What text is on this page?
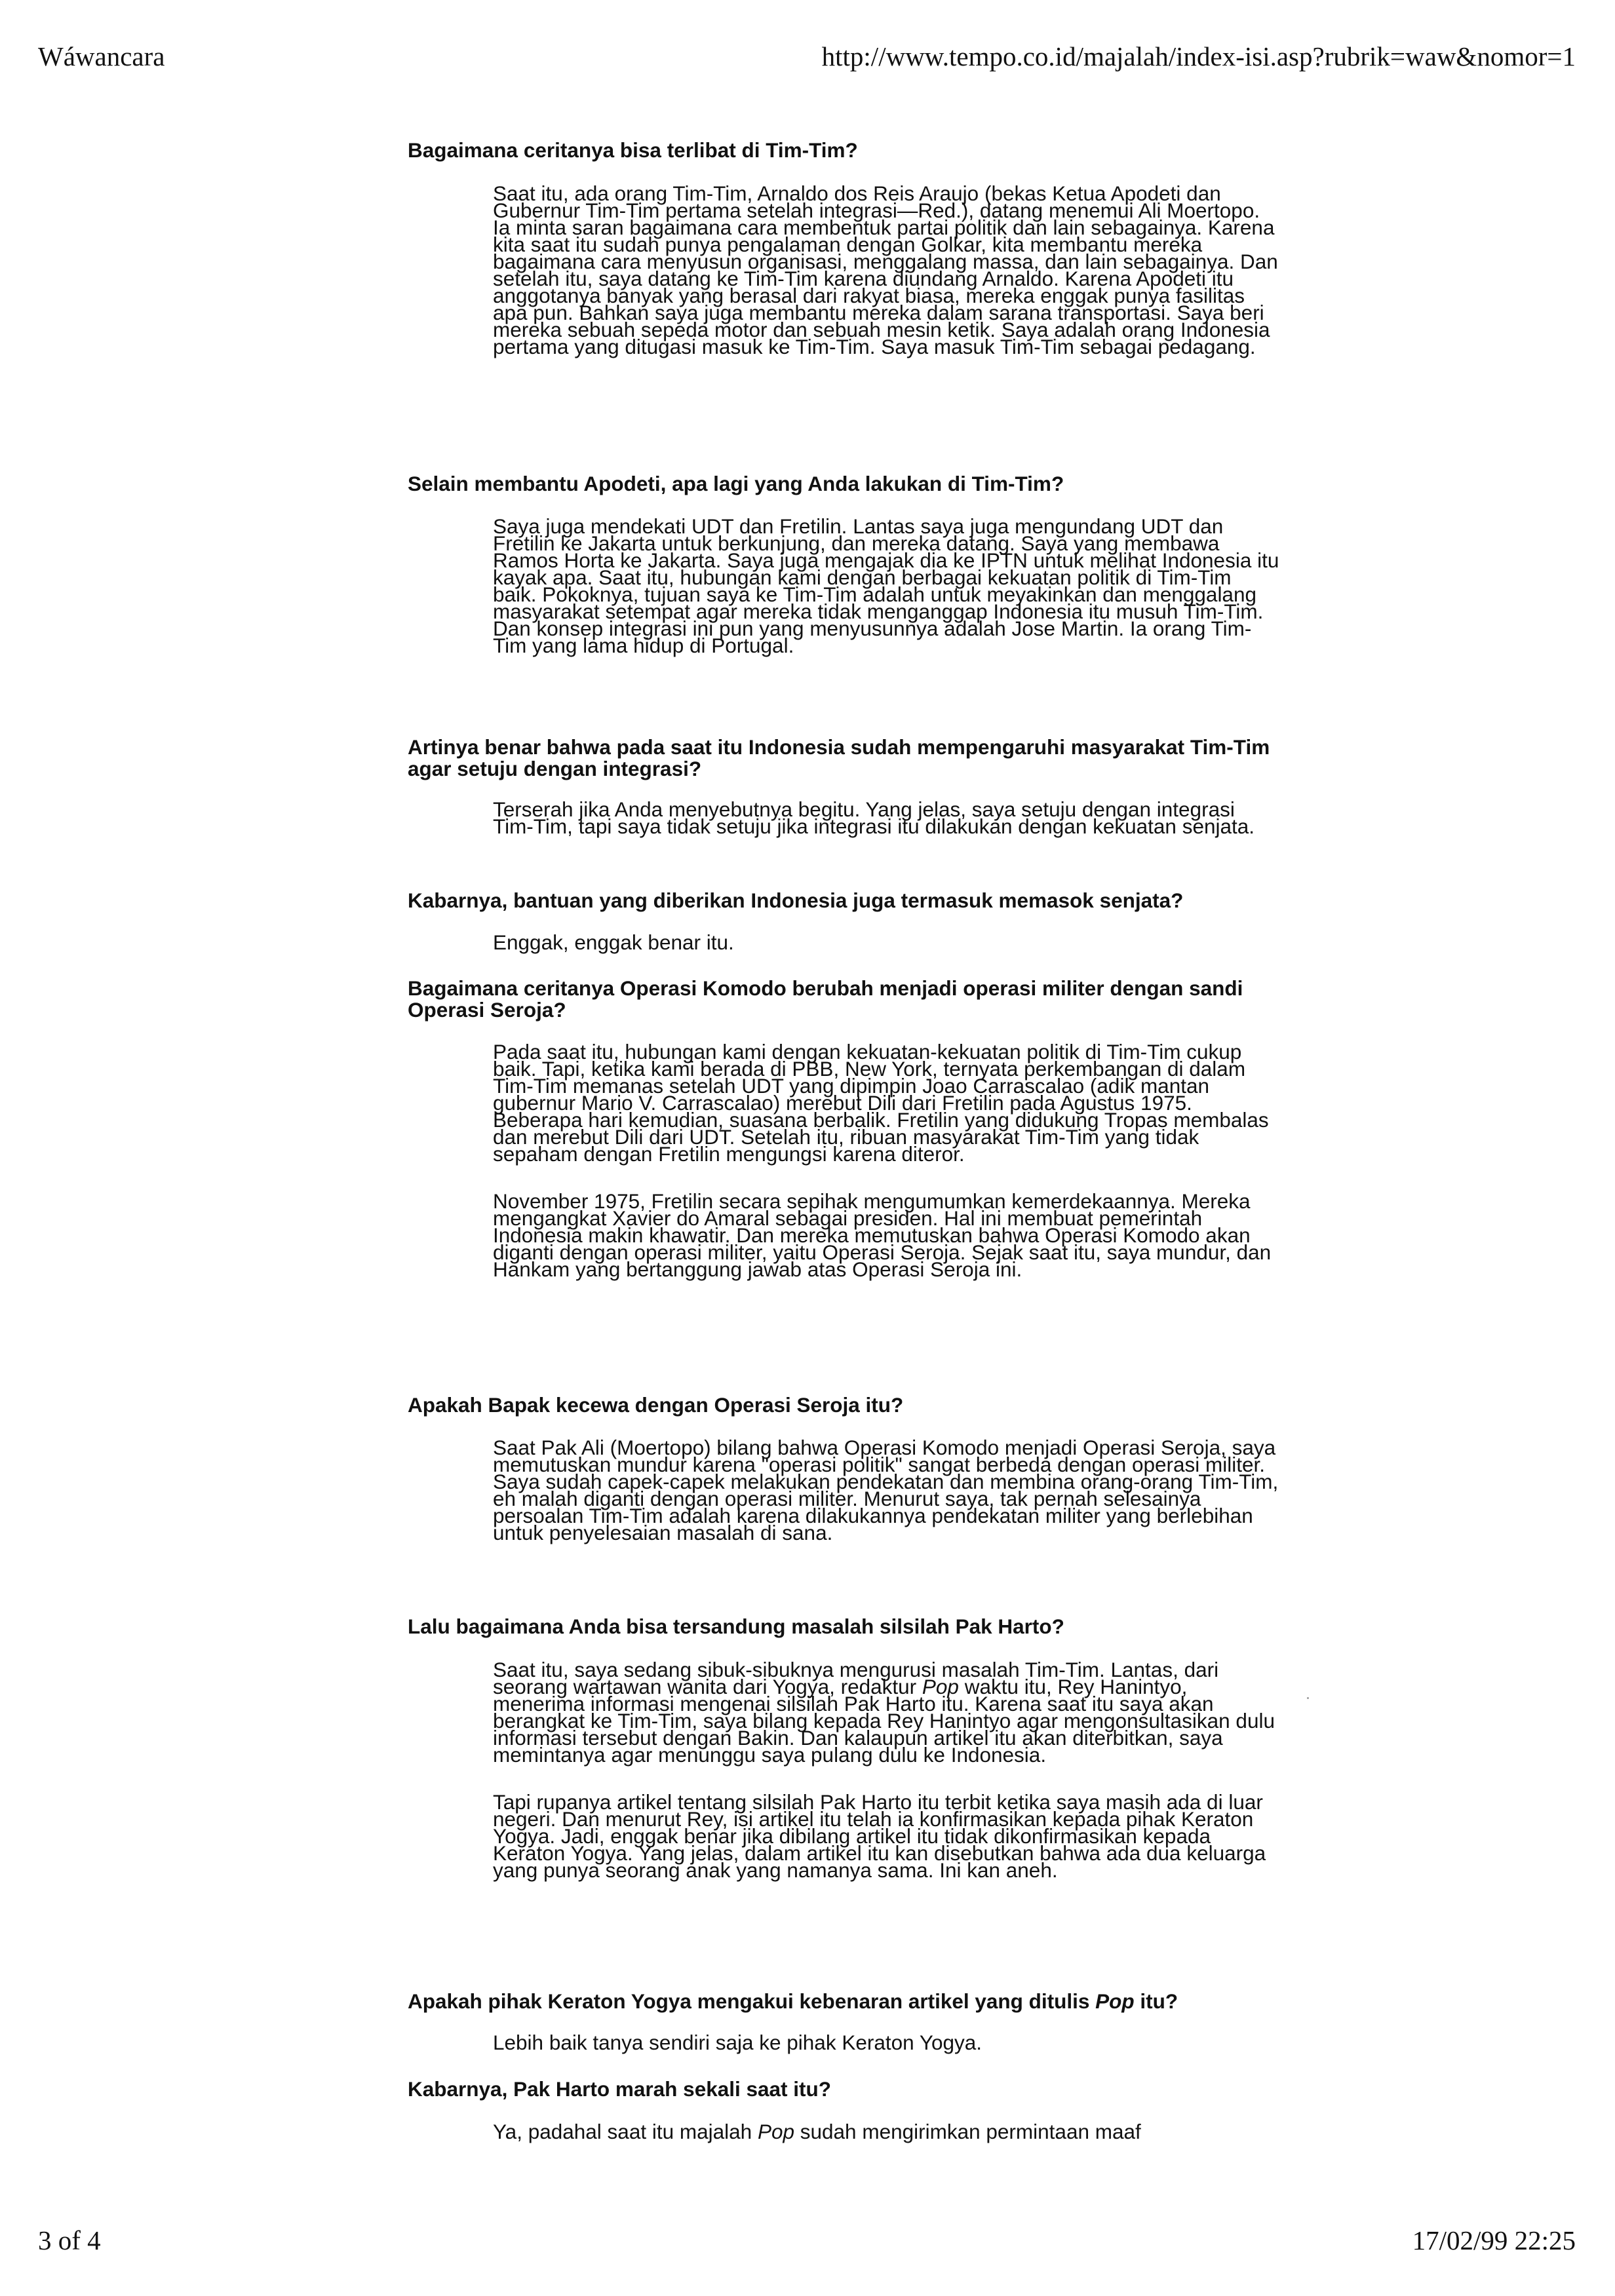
Wáwancara	http://www.tempo.co.id/majalah/index-isi.asp?rubrik=waw&nomor=1
Bagaimana ceritanya bisa terlibat di Tim-Tim?

Saat itu, ada orang Tim-Tim, Arnaldo dos Reis Araujo (bekas Ketua Apodeti dan Gubernur Tim-Tim pertama setelah integrasi—Red.), datang menemui Ali Moertopo. Ia minta saran bagaimana cara membentuk partai politik dan lain sebagainya. Karena kita saat itu sudah punya pengalaman dengan Golkar, kita membantu mereka bagaimana cara menyusun organisasi, menggalang massa, dan lain sebagainya. Dan setelah itu, saya datang ke Tim-Tim karena diundang Arnaldo. Karena Apodeti itu anggotanya banyak yang berasal dari rakyat biasa, mereka enggak punya fasilitas apa pun. Bahkan saya juga membantu mereka dalam sarana transportasi. Saya beri mereka sebuah sepeda motor dan sebuah mesin ketik. Saya adalah orang Indonesia pertama yang ditugasi masuk ke Tim-Tim. Saya masuk Tim-Tim sebagai pedagang.

Selain membantu Apodeti, apa lagi yang Anda lakukan di Tim-Tim?

Saya juga mendekati UDT dan Fretilin. Lantas saya juga mengundang UDT dan Fretilin ke Jakarta untuk berkunjung, dan mereka datang. Saya yang membawa Ramos Horta ke Jakarta. Saya juga mengajak dia ke IPTN untuk melihat Indonesia itu kayak apa. Saat itu, hubungan kami dengan berbagai kekuatan politik di Tim-Tim baik. Pokoknya, tujuan saya ke Tim-Tim adalah untuk meyakinkan dan menggalang masyarakat setempat agar mereka tidak menganggap Indonesia itu musuh Tim-Tim. Dan konsep integrasi ini pun yang menyusunnya adalah Jose Martin. Ia orang Tim-Tim yang lama hidup di Portugal.

Artinya benar bahwa pada saat itu Indonesia sudah mempengaruhi masyarakat Tim-Tim agar setuju dengan integrasi?

Terserah jika Anda menyebutnya begitu. Yang jelas, saya setuju dengan integrasi Tim-Tim, tapi saya tidak setuju jika integrasi itu dilakukan dengan kekuatan senjata.

Kabarnya, bantuan yang diberikan Indonesia juga termasuk memasok senjata?

Enggak, enggak benar itu.

Bagaimana ceritanya Operasi Komodo berubah menjadi operasi militer dengan sandi Operasi Seroja?

Pada saat itu, hubungan kami dengan kekuatan-kekuatan politik di Tim-Tim cukup baik. Tapi, ketika kami berada di PBB, New York, ternyata perkembangan di dalam Tim-Tim memanas setelah UDT yang dipimpin Joao Carrascalao (adik mantan gubernur Mario V. Carrascalao) merebut Dili dari Fretilin pada Agustus 1975. Beberapa hari kemudian, suasana berbalik. Fretilin yang didukung Tropas membalas dan merebut Dili dari UDT. Setelah itu, ribuan masyarakat Tim-Tim yang tidak sepaham dengan Fretilin mengungsi karena diteror.

November 1975, Fretilin secara sepihak mengumumkan kemerdekaannya. Mereka mengangkat Xavier do Amaral sebagai presiden. Hal ini membuat pemerintah Indonesia makin khawatir. Dan mereka memutuskan bahwa Operasi Komodo akan diganti dengan operasi militer, yaitu Operasi Seroja. Sejak saat itu, saya mundur, dan Hankam yang bertanggung jawab atas Operasi Seroja ini.

Apakah Bapak kecewa dengan Operasi Seroja itu?

Saat Pak Ali (Moertopo) bilang bahwa Operasi Komodo menjadi Operasi Seroja, saya memutuskan mundur karena "operasi politik" sangat berbeda dengan operasi militer. Saya sudah capek-capek melakukan pendekatan dan membina orang-orang Tim-Tim, eh malah diganti dengan operasi militer. Menurut saya, tak pernah selesainya persoalan Tim-Tim adalah karena dilakukannya pendekatan militer yang berlebihan untuk penyelesaian masalah di sana.

Lalu bagaimana Anda bisa tersandung masalah silsilah Pak Harto?

Saat itu, saya sedang sibuk-sibuknya mengurusi masalah Tim-Tim. Lantas, dari seorang wartawan wanita dari Yogya, redaktur Pop waktu itu, Rey Hanintyo, menerima informasi mengenai silsilah Pak Harto itu. Karena saat itu saya akan berangkat ke Tim-Tim, saya bilang kepada Rey Hanintyo agar mengonsultasikan dulu informasi tersebut dengan Bakin. Dan kalaupun artikel itu akan diterbitkan, saya memintanya agar menunggu saya pulang dulu ke Indonesia.

Tapi rupanya artikel tentang silsilah Pak Harto itu terbit ketika saya masih ada di luar negeri. Dan menurut Rey, isi artikel itu telah ia konfirmasikan kepada pihak Keraton Yogya. Jadi, enggak benar jika dibilang artikel itu tidak dikonfirmasikan kepada Keraton Yogya. Yang jelas, dalam artikel itu kan disebutkan bahwa ada dua keluarga yang punya seorang anak yang namanya sama. Ini kan aneh.

Apakah pihak Keraton Yogya mengakui kebenaran artikel yang ditulis Pop itu?

Lebih baik tanya sendiri saja ke pihak Keraton Yogya.

Kabarnya, Pak Harto marah sekali saat itu?

Ya, padahal saat itu majalah Pop sudah mengirimkan permintaan maaf

3 of 4	17/02/99 22:25
